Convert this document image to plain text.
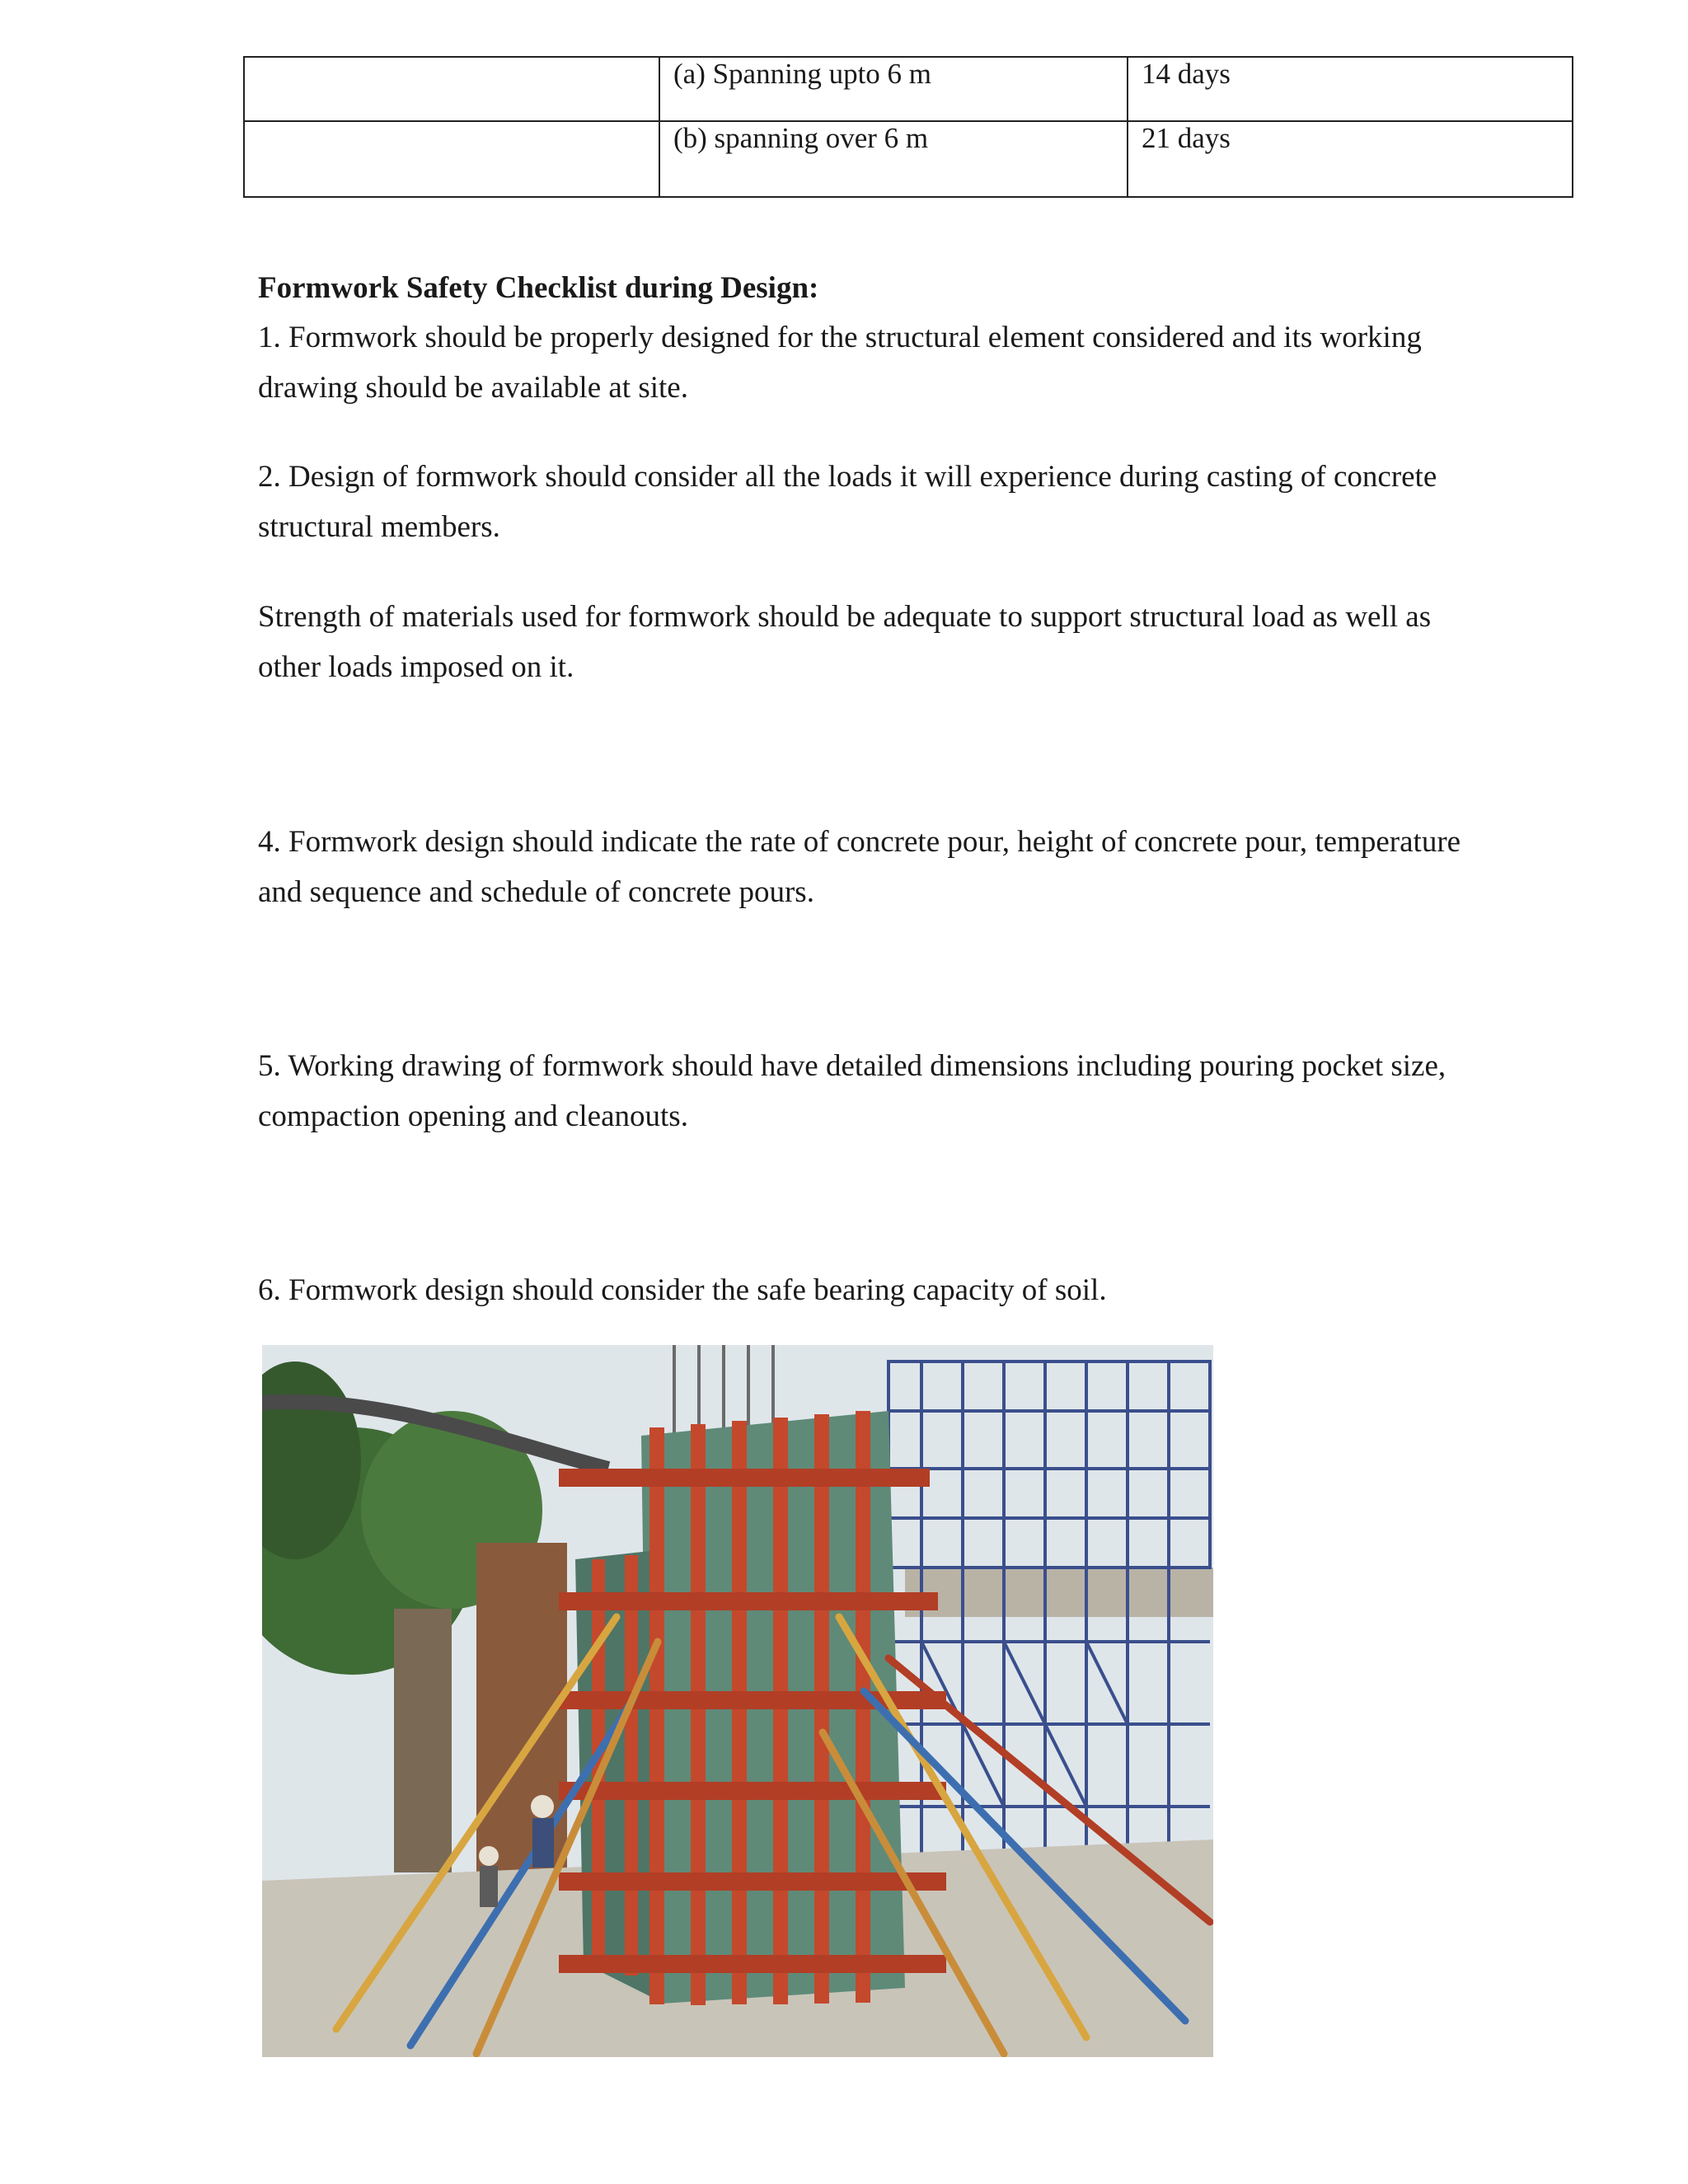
	(a) Spanning upto 6 m	14 days
	(b) spanning over 6 m	21 days

Formwork Safety Checklist during Design:

1. Formwork should be properly designed for the structural element considered and its working drawing should be available at site.

2. Design of formwork should consider all the loads it will experience during casting of concrete structural members.

Strength of materials used for formwork should be adequate to support structural load as well as other loads imposed on it.

4. Formwork design should indicate the rate of concrete pour, height of concrete pour, temperature and sequence and schedule of concrete pours.

5. Working drawing of formwork should have detailed dimensions including pouring pocket size, compaction opening and cleanouts.

6. Formwork design should consider the safe bearing capacity of soil.
